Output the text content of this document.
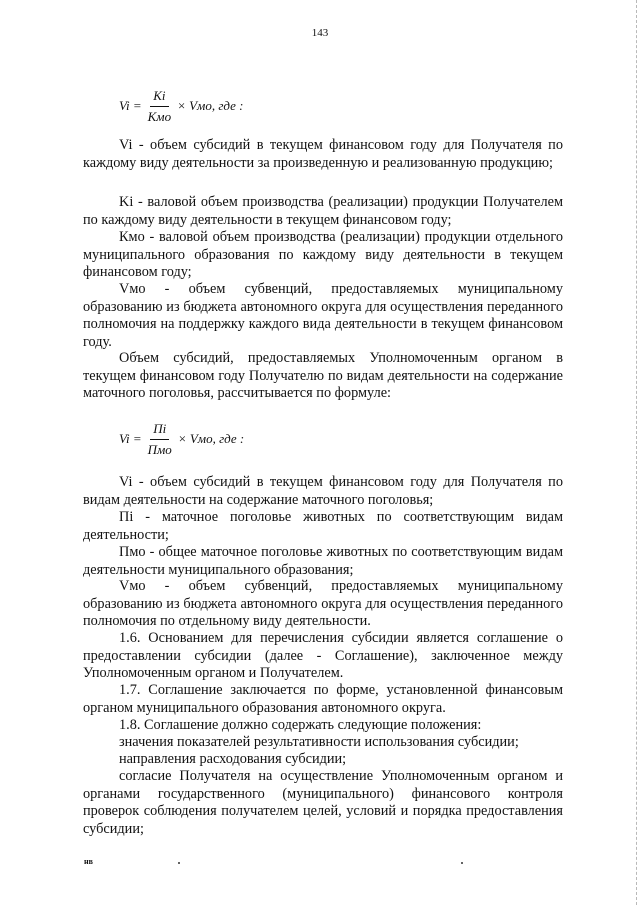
143
$Vi = \frac{Ki}{\text{Kмо}}$ × Vмо, где :
Vi - объем субсидий в текущем финансовом году для Получателя по каждому виду деятельности за произведенную и реализованную продукцию;
Ki - валовой объем производства (реализации) продукции Получателем по каждому виду деятельности в текущем финансовом году;
Кмо - валовой объем производства (реализации) продукции отдельного муниципального образования по каждому виду деятельности в текущем финансовом году;
Vмо - объем субвенций, предоставляемых муниципальному образованию из бюджета автономного округа для осуществления переданного полномочия на поддержку каждого вида деятельности в текущем финансовом году.
Объем субсидий, предоставляемых Уполномоченным органом в текущем финансовом году Получателю по видам деятельности на содержание маточного поголовья, рассчитывается по формуле:
$Vi = \frac{Пi}{\text{Пмо}}$ × Vмо, где :
Vi - объем субсидий в текущем финансовом году для Получателя по видам деятельности на содержание маточного поголовья;
Пi - маточное поголовье животных по соответствующим видам деятельности;
Пмо - общее маточное поголовье животных по соответствующим видам деятельности муниципального образования;
Vмо - объем субвенций, предоставляемых муниципальному образованию из бюджета автономного округа для осуществления переданного полномочия по отдельному виду деятельности.
1.6. Основанием для перечисления субсидии является соглашение о предоставлении субсидии (далее - Соглашение), заключенное между Уполномоченным органом и Получателем.
1.7. Соглашение заключается по форме, установленной финансовым органом муниципального образования автономного округа.
1.8. Соглашение должно содержать следующие положения:
значения показателей результативности использования субсидии;
направления расходования субсидии;
согласие Получателя на осуществление Уполномоченным органом и органами государственного (муниципального) финансового контроля проверок соблюдения получателем целей, условий и порядка предоставления субсидии;
нв
